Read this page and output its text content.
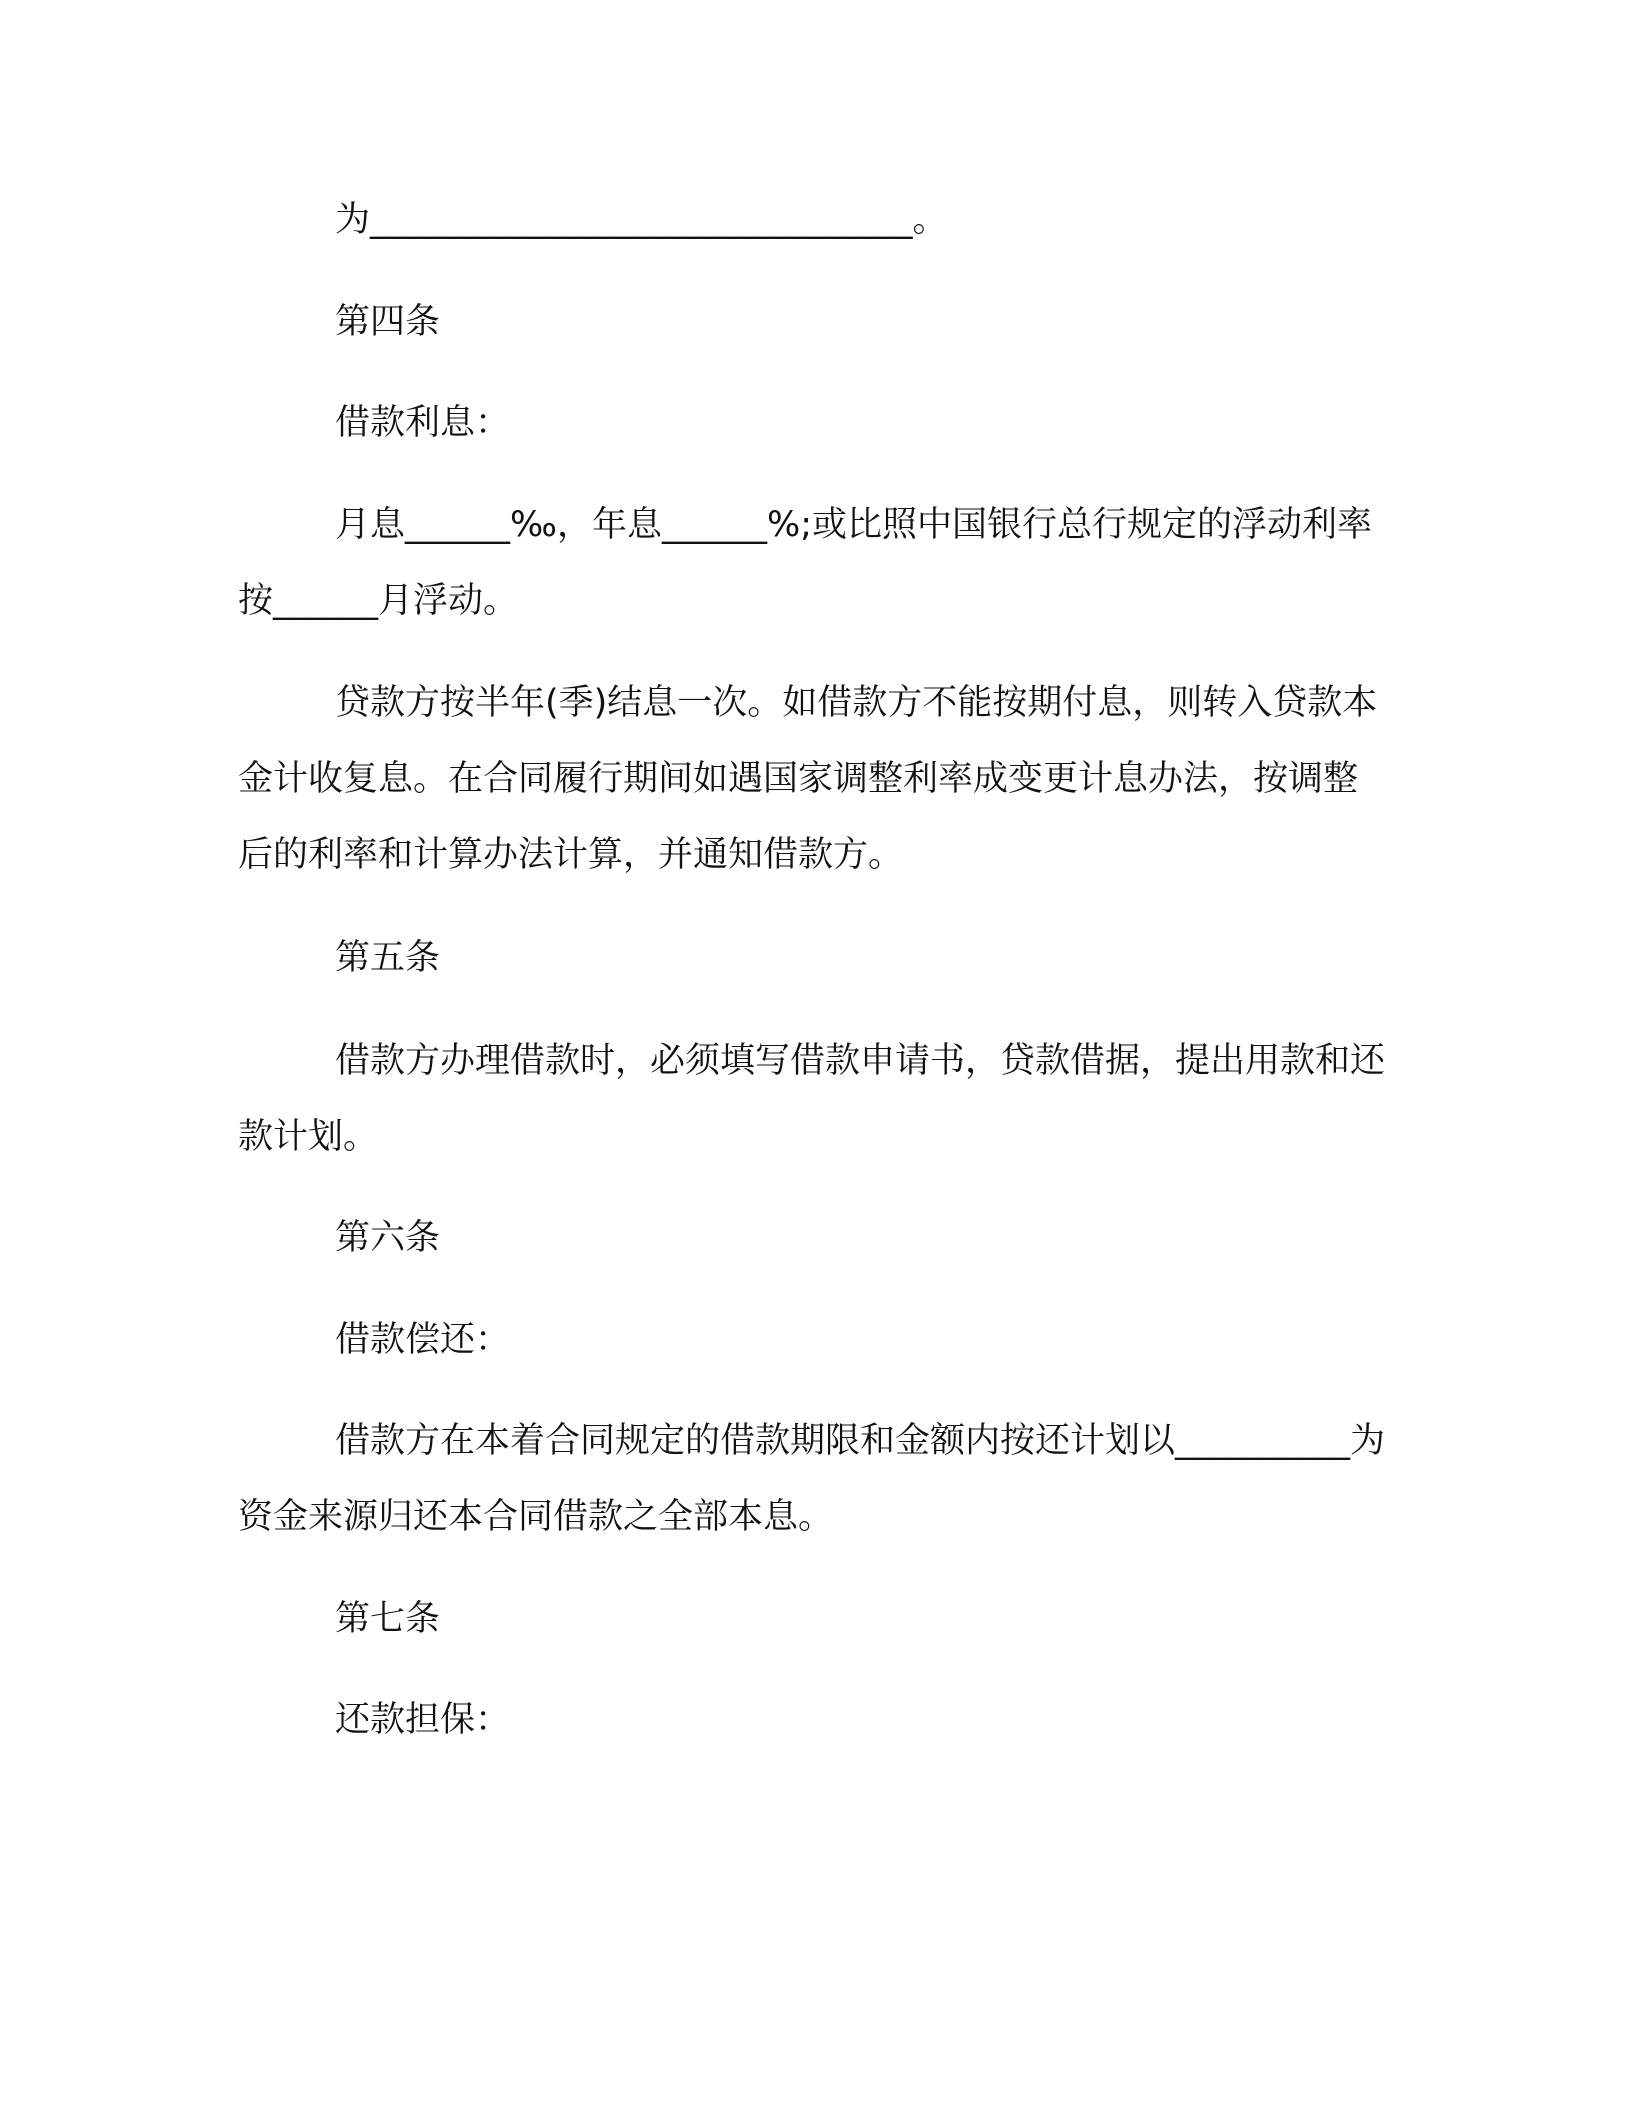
为_______________________________。

第四条

借款利息：

月息______‰，年息______%;或比照中国银行总行规定的浮动利率按______月浮动。

贷款方按半年(季)结息一次。如借款方不能按期付息，则转入贷款本金计收复息。在合同履行期间如遇国家调整利率成变更计息办法，按调整后的利率和计算办法计算，并通知借款方。

第五条

借款方办理借款时，必须填写借款申请书，贷款借据，提出用款和还款计划。

第六条

借款偿还：

借款方在本着合同规定的借款期限和金额内按还计划以__________为资金来源归还本合同借款之全部本息。

第七条

还款担保：
